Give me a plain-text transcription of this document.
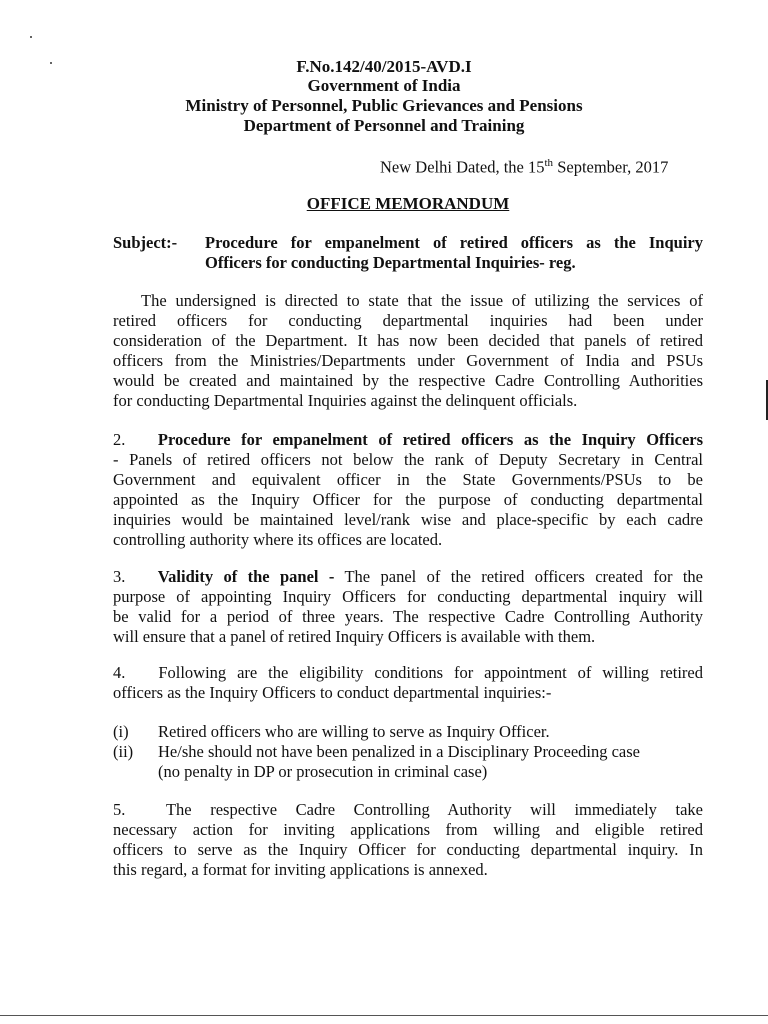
F.No.142/40/2015-AVD.I

Government of India

Ministry of Personnel, Public Grievances and Pensions

Department of Personnel and Training

New Delhi Dated, the 15th September, 2017
OFFICE MEMORANDUM
Subject:- Procedure for empanelment of retired officers as the Inquiry

Officers for conducting Departmental Inquiries- reg.

The undersigned is directed to state that the issue of utilizing the services of

retired officers for conducting departmental inquiries had been under

consideration of the Department. It has now been decided that panels of retired

officers from the Ministries/Departments under Government of India and PSUs

would be created and maintained by the respective Cadre Controlling Authorities

for conducting Departmental Inquiries against the delinquent officials.

2. Procedure for empanelment of retired officers as the Inquiry Officers

- Panels of retired officers not below the rank of Deputy Secretary in Central

Government and equivalent officer in the State Governments/PSUs to be

appointed as the Inquiry Officer for the purpose of conducting departmental

inquiries would be maintained level/rank wise and place-specific by each cadre

controlling authority where its offices are located.

3. Validity of the panel - The panel of the retired officers created for the

purpose of appointing Inquiry Officers for conducting departmental inquiry will

be valid for a period of three years. The respective Cadre Controlling Authority

will ensure that a panel of retired Inquiry Officers is available with them.

4. Following are the eligibility conditions for appointment of willing retired

officers as the Inquiry Officers to conduct departmental inquiries:-

(i) Retired officers who are willing to serve as Inquiry Officer.
(ii) He/she should not have been penalized in a Disciplinary Proceeding case
(no penalty in DP or prosecution in criminal case)

5. The respective Cadre Controlling Authority will immediately take

necessary action for inviting applications from willing and eligible retired

officers to serve as the Inquiry Officer for conducting departmental inquiry. In

this regard, a format for inviting applications is annexed.
